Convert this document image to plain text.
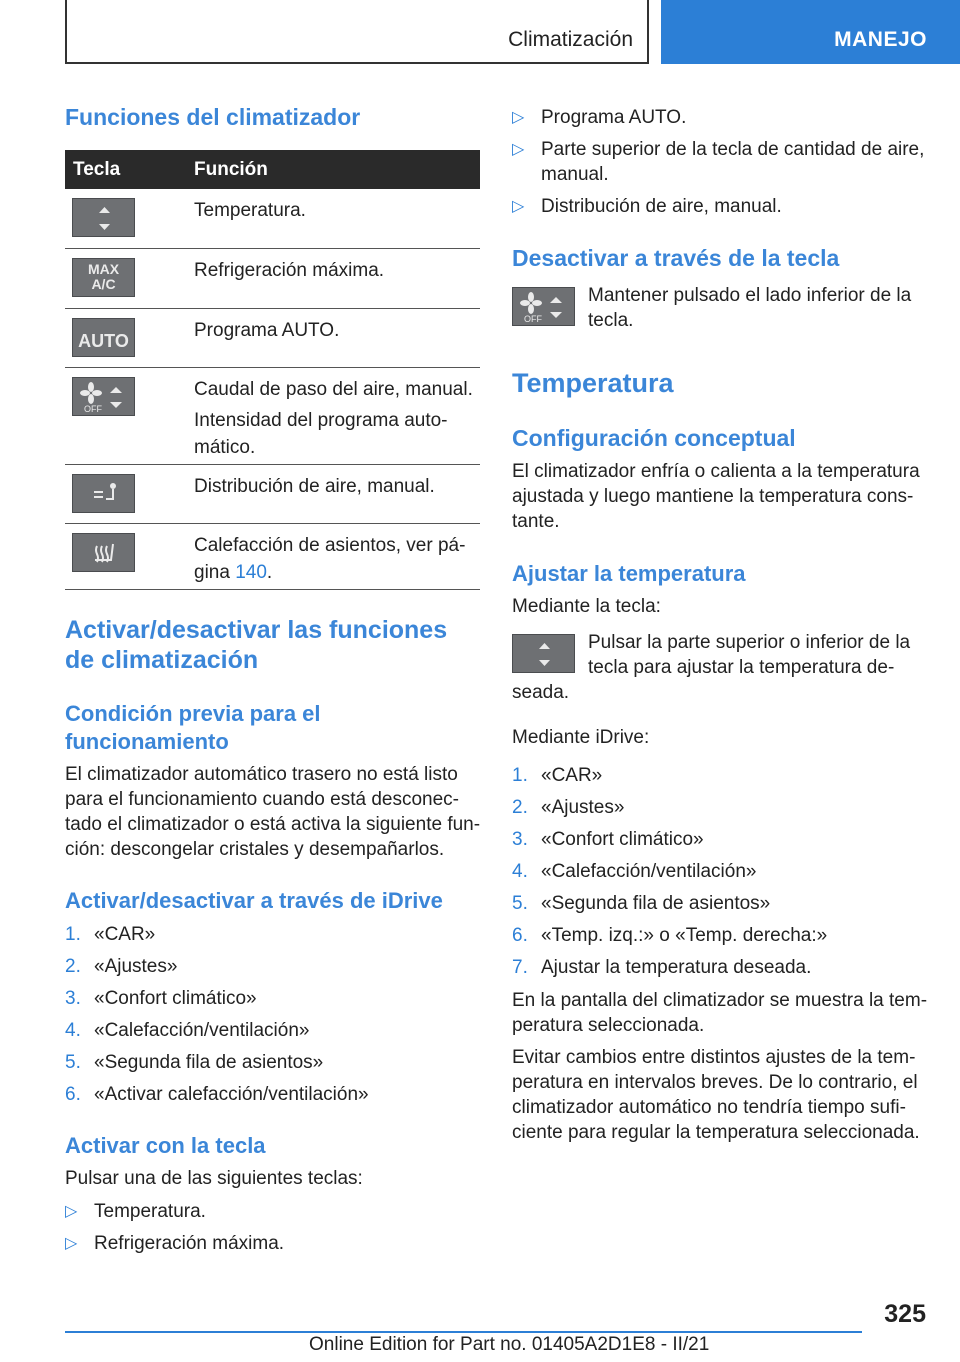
Climatización	MANEJO
Funciones del climatizador
Tecla	Función

	Temperatura.

MAX
A/C	Refrigeración máxima.

AUTO	Programa AUTO.

OFF	Caudal de paso del aire, manual.
Intensidad del programa auto-
mático.

	Distribución de aire, manual.

	Calefacción de asientos, ver pá-
gina 140.
Activar/desactivar las funciones
de climatización
Condición previa para el
funcionamiento
El climatizador automático trasero no está listo
para el funcionamiento cuando está desconec-
tado el climatizador o está activa la siguiente fun-
ción: descongelar cristales y desempañarlos.
Activar/desactivar a través de iDrive
1. «CAR»
2. «Ajustes»
3. «Confort climático»
4. «Calefacción/ventilación»
5. «Segunda fila de asientos»
6. «Activar calefacción/ventilación»
Activar con la tecla
Pulsar una de las siguientes teclas:
▷ Temperatura.
▷ Refrigeración máxima.
▷ Programa AUTO.
▷ Parte superior de la tecla de cantidad de aire,
manual.
▷ Distribución de aire, manual.
Desactivar a través de la tecla
OFF
Mantener pulsado el lado inferior de la
tecla.
Temperatura
Configuración conceptual
El climatizador enfría o calienta a la temperatura
ajustada y luego mantiene la temperatura cons-
tante.
Ajustar la temperatura
Mediante la tecla:
Pulsar la parte superior o inferior de la
tecla para ajustar la temperatura de-
seada.
Mediante iDrive:
1. «CAR»
2. «Ajustes»
3. «Confort climático»
4. «Calefacción/ventilación»
5. «Segunda fila de asientos»
6. «Temp. izq.:» o «Temp. derecha:»
7. Ajustar la temperatura deseada.
En la pantalla del climatizador se muestra la tem-
peratura seleccionada.
Evitar cambios entre distintos ajustes de la tem-
peratura en intervalos breves. De lo contrario, el
climatizador automático no tendría tiempo sufi-
ciente para regular la temperatura seleccionada.
325
Online Edition for Part no. 01405A2D1E8 - II/21
